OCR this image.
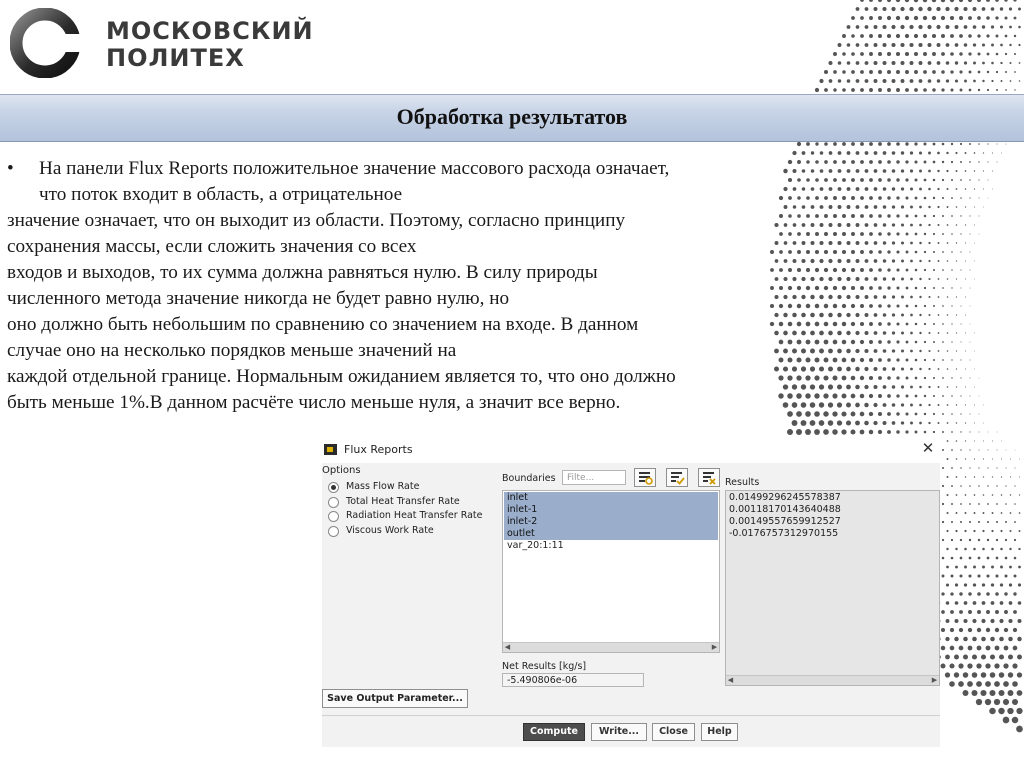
МОСКОВСКИЙ
ПОЛИТЕХ
Обработка результатов
• На панели Flux Reports положительное значение массового расхода означает,
что поток входит в область, а отрицательное
значение означает, что он выходит из области. Поэтому, согласно принципу
сохранения массы, если сложить значения со всех
входов и выходов, то их сумма должна равняться нулю. В силу природы
численного метода значение никогда не будет равно нулю, но
оно должно быть небольшим по сравнению со значением на входе. В данном
случае оно на несколько порядков меньше значений на
каждой отдельной границе. Нормальным ожиданием является то, что оно должно
быть меньше 1%.В данном расчёте число меньше нуля, а значит все верно.
Flux Reports	✕
Options
Mass Flow Rate
Total Heat Transfer Rate
Radiation Heat Transfer Rate
Viscous Work Rate
Boundaries	Filte...
inlet
inlet-1
inlet-2
outlet
var_20:1:11
◀	▶
Results
0.01499296245578387
0.00118170143640488
0.00149557659912527
-0.0176757312970155
◀	▶
Net Results [kg/s]
-5.490806e-06
Save Output Parameter...
Compute	Write...	Close	Help
